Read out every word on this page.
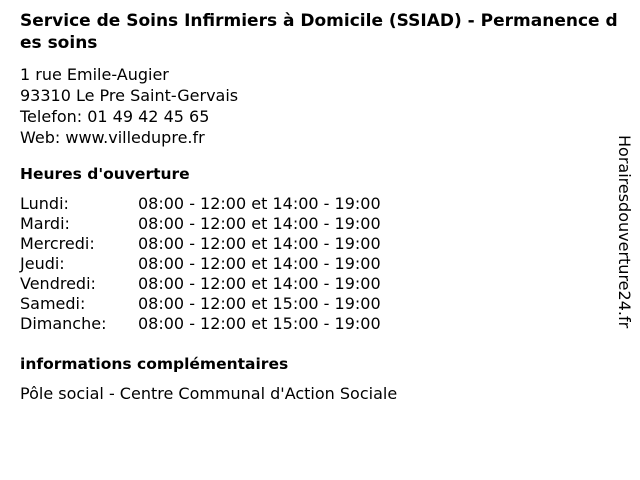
Service de Soins Infirmiers à Domicile (SSIAD) - Permanence des soins
1 rue Emile-Augier
93310 Le Pre Saint-Gervais
Telefon: 01 49 42 45 65
Web: www.villedupre.fr
Heures d'ouverture
Lundi:	08:00 - 12:00 et 14:00 - 19:00
Mardi:	08:00 - 12:00 et 14:00 - 19:00
Mercredi:	08:00 - 12:00 et 14:00 - 19:00
Jeudi:	08:00 - 12:00 et 14:00 - 19:00
Vendredi:	08:00 - 12:00 et 14:00 - 19:00
Samedi:	08:00 - 12:00 et 15:00 - 19:00
Dimanche:	08:00 - 12:00 et 15:00 - 19:00
informations complémentaires
Pôle social - Centre Communal d'Action Sociale
Horairesdouverture24.fr
